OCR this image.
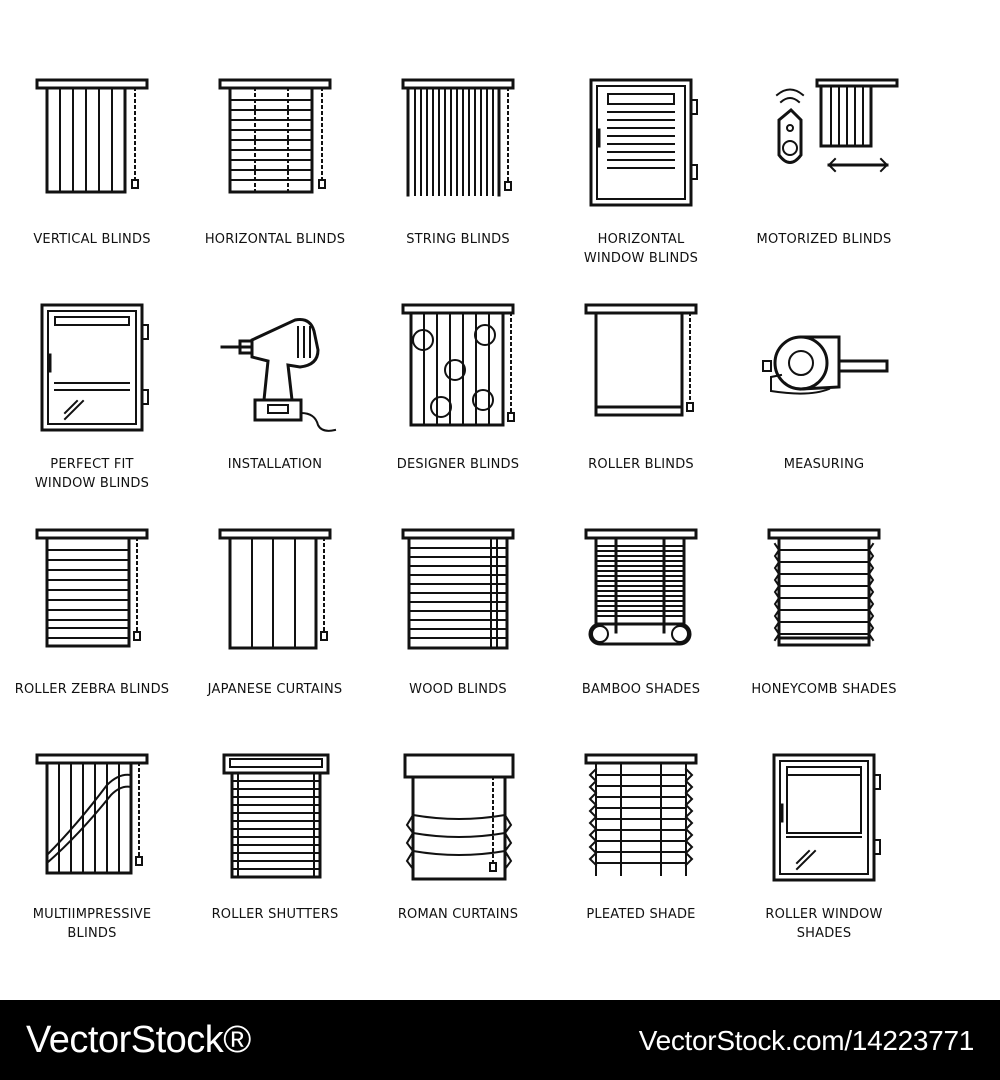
VERTICAL BLINDS	HORIZONTAL BLINDS	STRING BLINDS	HORIZONTAL
WINDOW BLINDS
MOTORIZED BLINDS
PERFECT FIT
WINDOW BLINDS
INSTALLATION	DESIGNER BLINDS	ROLLER BLINDS	MEASURING
ROLLER ZEBRA BLINDS	JAPANESE CURTAINS	WOOD BLINDS	BAMBOO SHADES	HONEYCOMB SHADES
MULTIIMPRESSIVE
BLINDS
ROLLER SHUTTERS	ROMAN CURTAINS	PLEATED SHADE	ROLLER WINDOW
SHADES
VectorStock®	VectorStock.com/14223771
